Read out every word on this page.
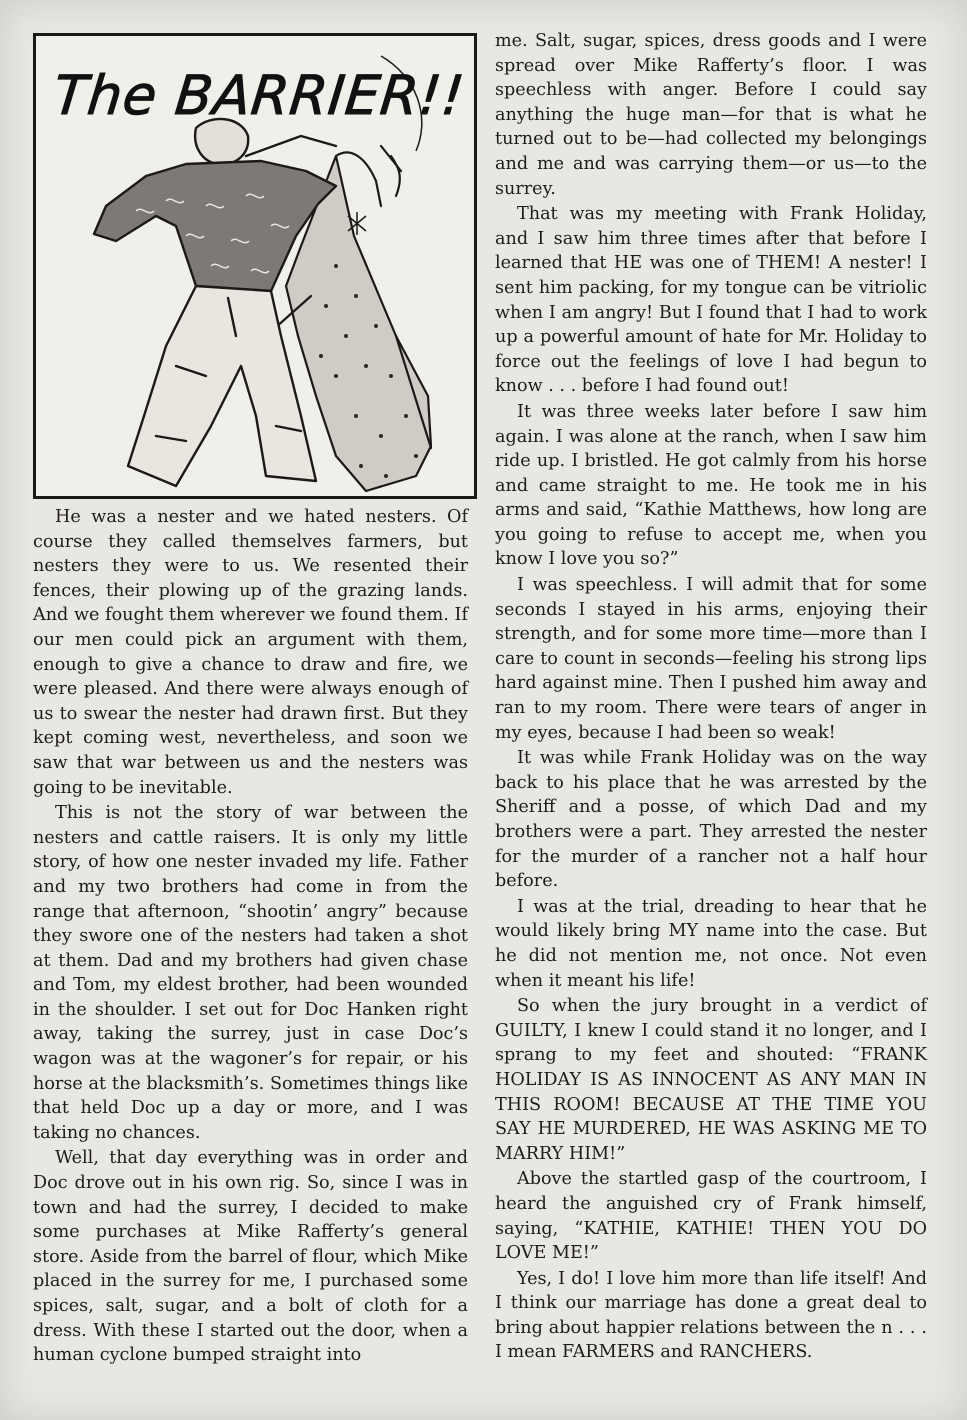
The BARRIER!!

He was a nester and we hated nesters. Of course they called themselves farmers, but nesters they were to us. We resented their fences, their plowing up of the grazing lands. And we fought them wherever we found them. If our men could pick an argument with them, enough to give a chance to draw and fire, we were pleased. And there were always enough of us to swear the nester had drawn first. But they kept coming west, nevertheless, and soon we saw that war between us and the nesters was going to be inevitable.

This is not the story of war between the nesters and cattle raisers. It is only my little story, of how one nester invaded my life. Father and my two brothers had come in from the range that afternoon, “shootin’ angry” because they swore one of the nesters had taken a shot at them. Dad and my brothers had given chase and Tom, my eldest brother, had been wounded in the shoulder. I set out for Doc Hanken right away, taking the surrey, just in case Doc’s wagon was at the wagoner’s for repair, or his horse at the blacksmith’s. Sometimes things like that held Doc up a day or more, and I was taking no chances.

Well, that day everything was in order and Doc drove out in his own rig. So, since I was in town and had the surrey, I decided to make some purchases at Mike Rafferty’s general store. Aside from the barrel of flour, which Mike placed in the surrey for me, I purchased some spices, salt, sugar, and a bolt of cloth for a dress. With these I started out the door, when a human cyclone bumped straight into

me. Salt, sugar, spices, dress goods and I were spread over Mike Rafferty’s floor. I was speechless with anger. Before I could say anything the huge man—for that is what he turned out to be—had collected my belongings and me and was carrying them—or us—to the surrey.

That was my meeting with Frank Holiday, and I saw him three times after that before I learned that HE was one of THEM! A nester! I sent him packing, for my tongue can be vitriolic when I am angry! But I found that I had to work up a powerful amount of hate for Mr. Holiday to force out the feelings of love I had begun to know . . . before I had found out!

It was three weeks later before I saw him again. I was alone at the ranch, when I saw him ride up. I bristled. He got calmly from his horse and came straight to me. He took me in his arms and said, “Kathie Matthews, how long are you going to refuse to accept me, when you know I love you so?”

I was speechless. I will admit that for some seconds I stayed in his arms, enjoying their strength, and for some more time—more than I care to count in seconds—feeling his strong lips hard against mine. Then I pushed him away and ran to my room. There were tears of anger in my eyes, because I had been so weak!

It was while Frank Holiday was on the way back to his place that he was arrested by the Sheriff and a posse, of which Dad and my brothers were a part. They arrested the nester for the murder of a rancher not a half hour before.

I was at the trial, dreading to hear that he would likely bring MY name into the case. But he did not mention me, not once. Not even when it meant his life!

So when the jury brought in a verdict of GUILTY, I knew I could stand it no longer, and I sprang to my feet and shouted: “FRANK HOLIDAY IS AS INNOCENT AS ANY MAN IN THIS ROOM! BECAUSE AT THE TIME YOU SAY HE MURDERED, HE WAS ASKING ME TO MARRY HIM!”

Above the startled gasp of the courtroom, I heard the anguished cry of Frank himself, saying, “KATHIE, KATHIE! THEN YOU DO LOVE ME!”

Yes, I do! I love him more than life itself! And I think our marriage has done a great deal to bring about happier relations between the n . . . I mean FARMERS and RANCHERS.
